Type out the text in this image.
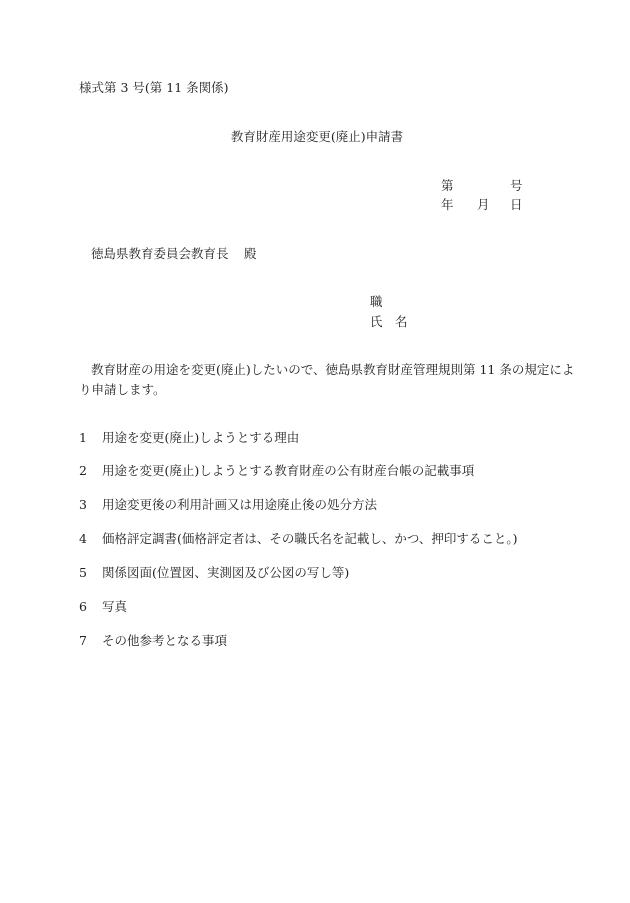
様式第 3 号(第 11 条関係)
教育財産用途変更(廃止)申請書
第	号
年 月 日
徳島県教育委員会教育長 殿
職
氏　名
教育財産の用途を変更(廃止)したいので、徳島県教育財産管理規則第 11 条の規定によ
り申請します。
1 用途を変更(廃止)しようとする理由
2 用途を変更(廃止)しようとする教育財産の公有財産台帳の記載事項
3 用途変更後の利用計画又は用途廃止後の処分方法
4 価格評定調書(価格評定者は、その職氏名を記載し、かつ、押印すること。)
5 関係図面(位置図、実測図及び公図の写し等)
6 写真
7 その他参考となる事項
